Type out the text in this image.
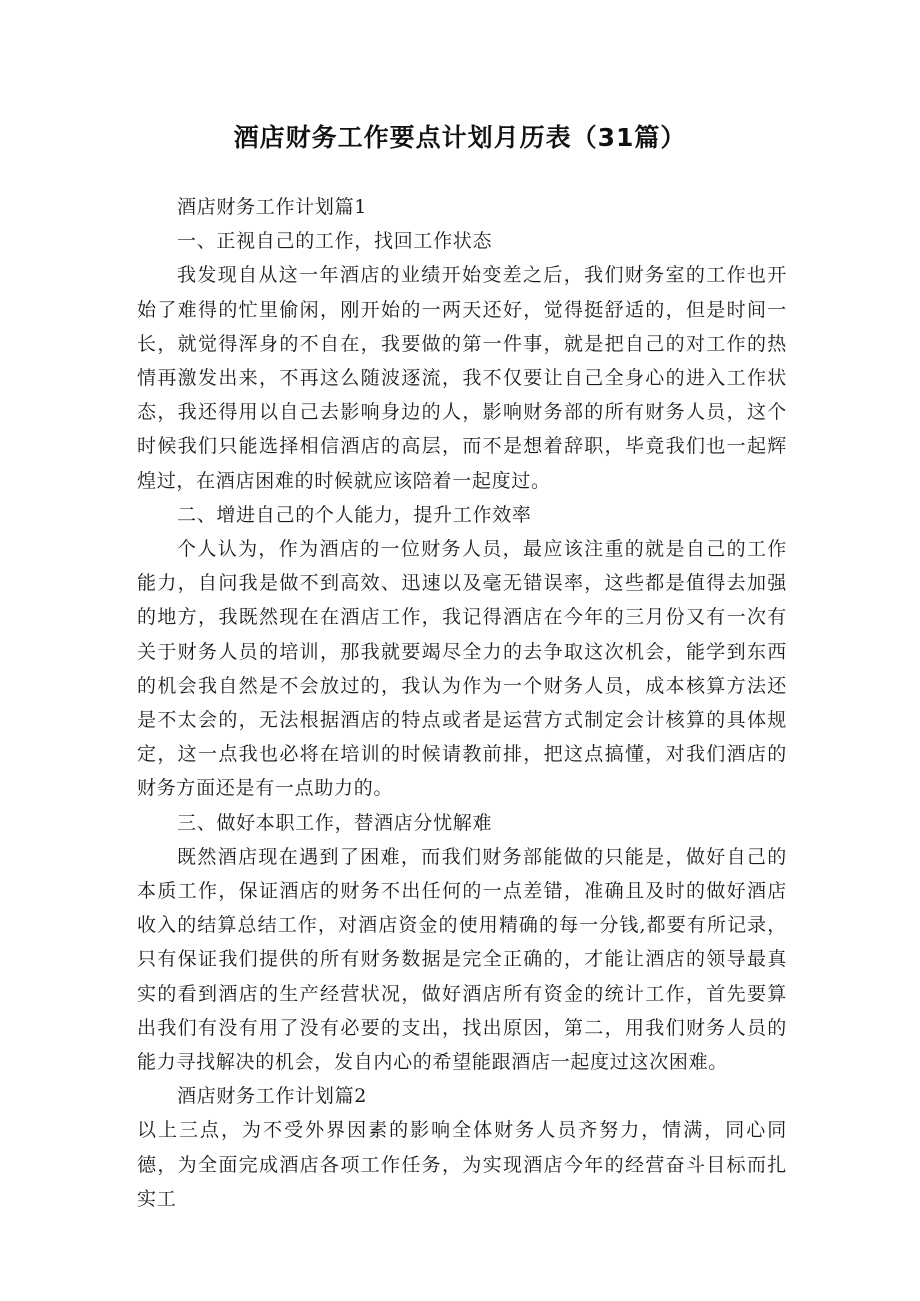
酒店财务工作要点计划月历表（31篇）

酒店财务工作计划篇1

一、正视自己的工作，找回工作状态

我发现自从这一年酒店的业绩开始变差之后，我们财务室的工作也开始了难得的忙里偷闲，刚开始的一两天还好，觉得挺舒适的，但是时间一长，就觉得浑身的不自在，我要做的第一件事，就是把自己的对工作的热情再激发出来，不再这么随波逐流，我不仅要让自己全身心的进入工作状态，我还得用以自己去影响身边的人，影响财务部的所有财务人员，这个时候我们只能选择相信酒店的高层，而不是想着辞职，毕竟我们也一起辉煌过，在酒店困难的时候就应该陪着一起度过。

二、增进自己的个人能力，提升工作效率

个人认为，作为酒店的一位财务人员，最应该注重的就是自己的工作能力，自问我是做不到高效、迅速以及毫无错误率，这些都是值得去加强的地方，我既然现在在酒店工作，我记得酒店在今年的三月份又有一次有关于财务人员的培训，那我就要竭尽全力的去争取这次机会，能学到东西的机会我自然是不会放过的，我认为作为一个财务人员，成本核算方法还是不太会的，无法根据酒店的特点或者是运营方式制定会计核算的具体规定，这一点我也必将在培训的时候请教前排，把这点搞懂，对我们酒店的财务方面还是有一点助力的。

三、做好本职工作，替酒店分忧解难

既然酒店现在遇到了困难，而我们财务部能做的只能是，做好自己的本质工作，保证酒店的财务不出任何的一点差错，准确且及时的做好酒店收入的结算总结工作，对酒店资金的使用精确的每一分钱,都要有所记录，只有保证我们提供的所有财务数据是完全正确的，才能让酒店的领导最真实的看到酒店的生产经营状况，做好酒店所有资金的统计工作，首先要算出我们有没有用了没有必要的支出，找出原因，第二，用我们财务人员的能力寻找解决的机会，发自内心的希望能跟酒店一起度过这次困难。

酒店财务工作计划篇2

以上三点，为不受外界因素的影响全体财务人员齐努力，情满，同心同德，为全面完成酒店各项工作任务，为实现酒店今年的经营奋斗目标而扎实工
